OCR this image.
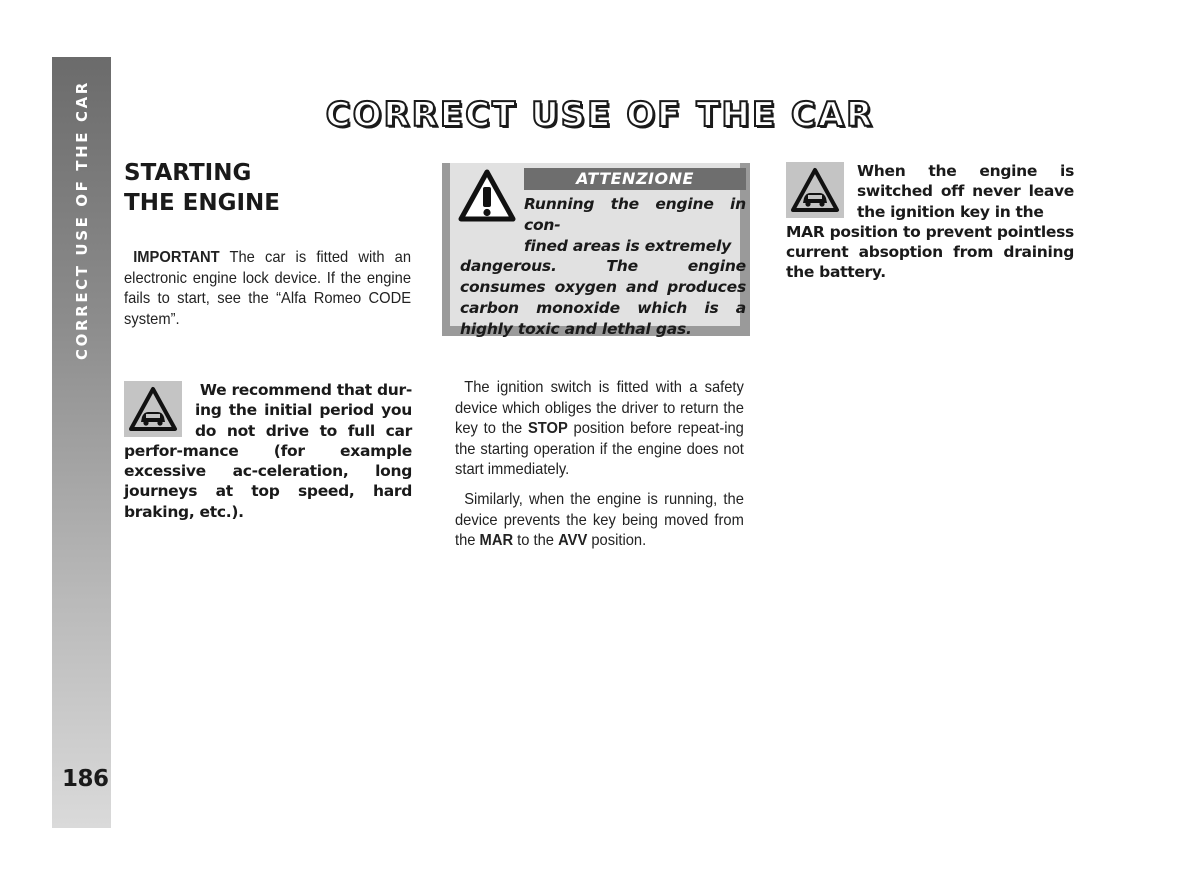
CORRECT USE OF THE CAR
186
CORRECT USE OF THE CAR
STARTING
THE ENGINE
IMPORTANT The car is fitted with an electronic engine lock device. If the engine fails to start, see the “Alfa Romeo CODE system”.
We recommend that dur-
ing the initial period you do not drive to full car perfor-mance (for example excessive ac-celeration, long journeys at top speed, hard braking, etc.).
ATTENZIONE
Running the engine in con-
fined areas is extremely
dangerous. The engine consumes oxygen and produces carbon monoxide which is a highly toxic and lethal gas.
The ignition switch is fitted with a safety device which obliges the driver to return the key to the STOP position before repeat-ing the starting operation if the engine does not start immediately.
Similarly, when the engine is running, the device prevents the key being moved from the MAR to the AVV position.
When the engine is switched off never leave the ignition key in the
MAR position to prevent pointless current absoption from draining the battery.
